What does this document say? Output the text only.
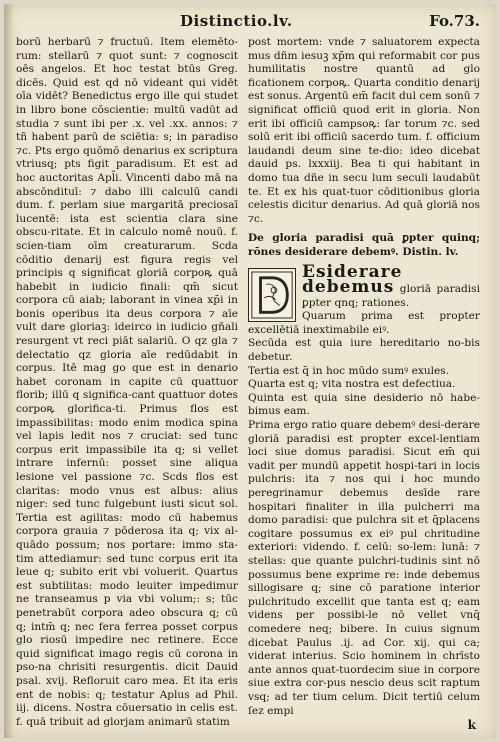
Distinctio.lv.	Fo.73.

borū herbarū ⁊ fructuū. Item elemēto-rum: stellarū ⁊ quot sunt: ⁊ cognoscit oēs angelos. Et hoc testat btūs Greg. dicēs. Quid est qd nō videant qui vidēt oīa vidēt? Benedictus ergo ille qui studet in libro bone cōscientie: multū vadūt ad studia ⁊ sunt ibi per .x. vel .xx. annos: ⁊ tñ habent parū de sciētia: s; in paradiso ⁊c. Pts ergo quōmō denarius ex scriptura vtriusq; pts figit paradisum. Et est ad hoc auctoritas Apl̄i. Vincenti dabo mā na abscōndituī: ⁊ dabo illi calculū candi dum. f. perlam siue margaritā preciosaī lucentē: ista est scientia clara sine obscu-ritate. Et in calculo nomē nouū. f. scien-tiam oīm creaturarum. Scda cōditio denarij est figura regis vel principis q significat gloriā corpoꝶ quā habebit in iudicio finali: qm̄ sicut corpora cū aiab; laborant in vinea xp̄i in bonis operibus ita deus corpora ⁊ aīe vult dare gloriaꝫ: ideirco in iudicio gñali resurgent vt reci piāt salariū. O qz gla ⁊ delectatio qz gloria aīe redūdabit in corpus. Itē mag go que est in denario habet coronam in capite cū quattuor florib; illū q significa-cant quattuor dotes corpoꝶ glorifica-ti. Primus flos est impassibilitas: modo enim modica spina vel lapis ledit nos ⁊ cruciat: sed tunc corpus erit impassibile ita q; si vellet intrare infernū: posset sine aliqua lesione vel passione ⁊c. Scds flos est claritas: modo vnus est albus: alius niger: sed tunc fulgebunt iusti sicut sol. Tertia est agilitas: modo cū habemus corpora grauia ⁊ pōderosa ita q; vix al-quādo possum; nos portare: immo sta-tim attediamur: sed tunc corpus erit ita leue q; subito erit vbi voluerit. Quartus est subtilitas: modo leuiter impedimur ne transeamus p via vbi volum;: s; tūc penetrabūt corpora adeo obscura q; cū q; intm̄ q; nec fera ferrea posset corpus glo riosū impedire nec retinere. Ecce quid significat imago regis cū corona in pso-na chrisiti resurgentis. dicit Dauid psal. xvij. Refloruit caro mea. Et ita eris ent de nobis: q; testatur Aplus ad Phil. iij. dicens. Nostra cōuersatio in celis est. f. quā tribuit ad glorjam animarū statim

post mortem: vnde ⁊ saluatorem expecta mus dñm iesuꝫ xp̄m qui reformabit cor pus humilitatis nostre quantū ad glo ficationem corpoꝶ. Quarta conditio denarij est sonus. Argentū em̄ facit dul cem sonū ⁊ significat officiū quod erit in gloria. Non erit ibi officiū campsoꝶ: ſar torum ⁊c. sed solū erit ibi officiū sacerdo tum. f. officium laudandi deum sine te-dio: ideo dicebat dauid ps. lxxxiij. Bea ti qui habitant in domo tua dñe in secu lum seculi laudabūt te. Et ex his quat-tuor cōditionibus gloria celestis dicitur denarius. Ad quā gloriā nos ⁊c.

De gloria paradisi quā ꝑpter quinq; rōnes desiderare debemꝰ. Distin. lv.

Esiderare debemus gloriā paradisi ꝑpter qnq; rationes.

Quarum prima est propter excellētiā inextimabile eiꝰ.

Secūda est quia iure hereditario no-bis debetur.

Tertia est q̄ in hoc mūdo sumꝰ exules.

Quarta est q; vita nostra est defectiua.

Quinta est quia sine desiderio nō habe-bimus eam.

Prima ergo ratio quare debemꝰ desi-derare gloriā paradisi est propter excel-lentiam loci siue domus paradisi. Sicut em̄ qui vadit per mundū appetit hospi-tari in locis pulchris: ita ⁊ nos qui i hoc mundo peregrinamur debemus desīde rare hospitari finaliter in illa pulcherri ma domo paradisi: que pulchra sit et q̄placens cogitare possumus ex eiꝰ pul chritudine exteriori: videndo. f. celū: so-lem: lunā: ⁊ stellas: que quante pulchri-tudinis sint nō possumus bene exprime re: inde debemus sillogisare q; sine cō paratione interior pulchritudo excellit que tanta est q; eam videns per possibi-le nō vellet vnq̄ comedere neq; bibere. In cuius signum dicebat Paulus .ij. ad Cor. xij. qui ca; viderat interius. Scio hominem in chrīsto ante annos quat-tuordecim siue in corpore siue extra cor-pus nescio deus scit raptum vsq; ad ter tium celum. Dicit tertiū celum ſez empi

k
